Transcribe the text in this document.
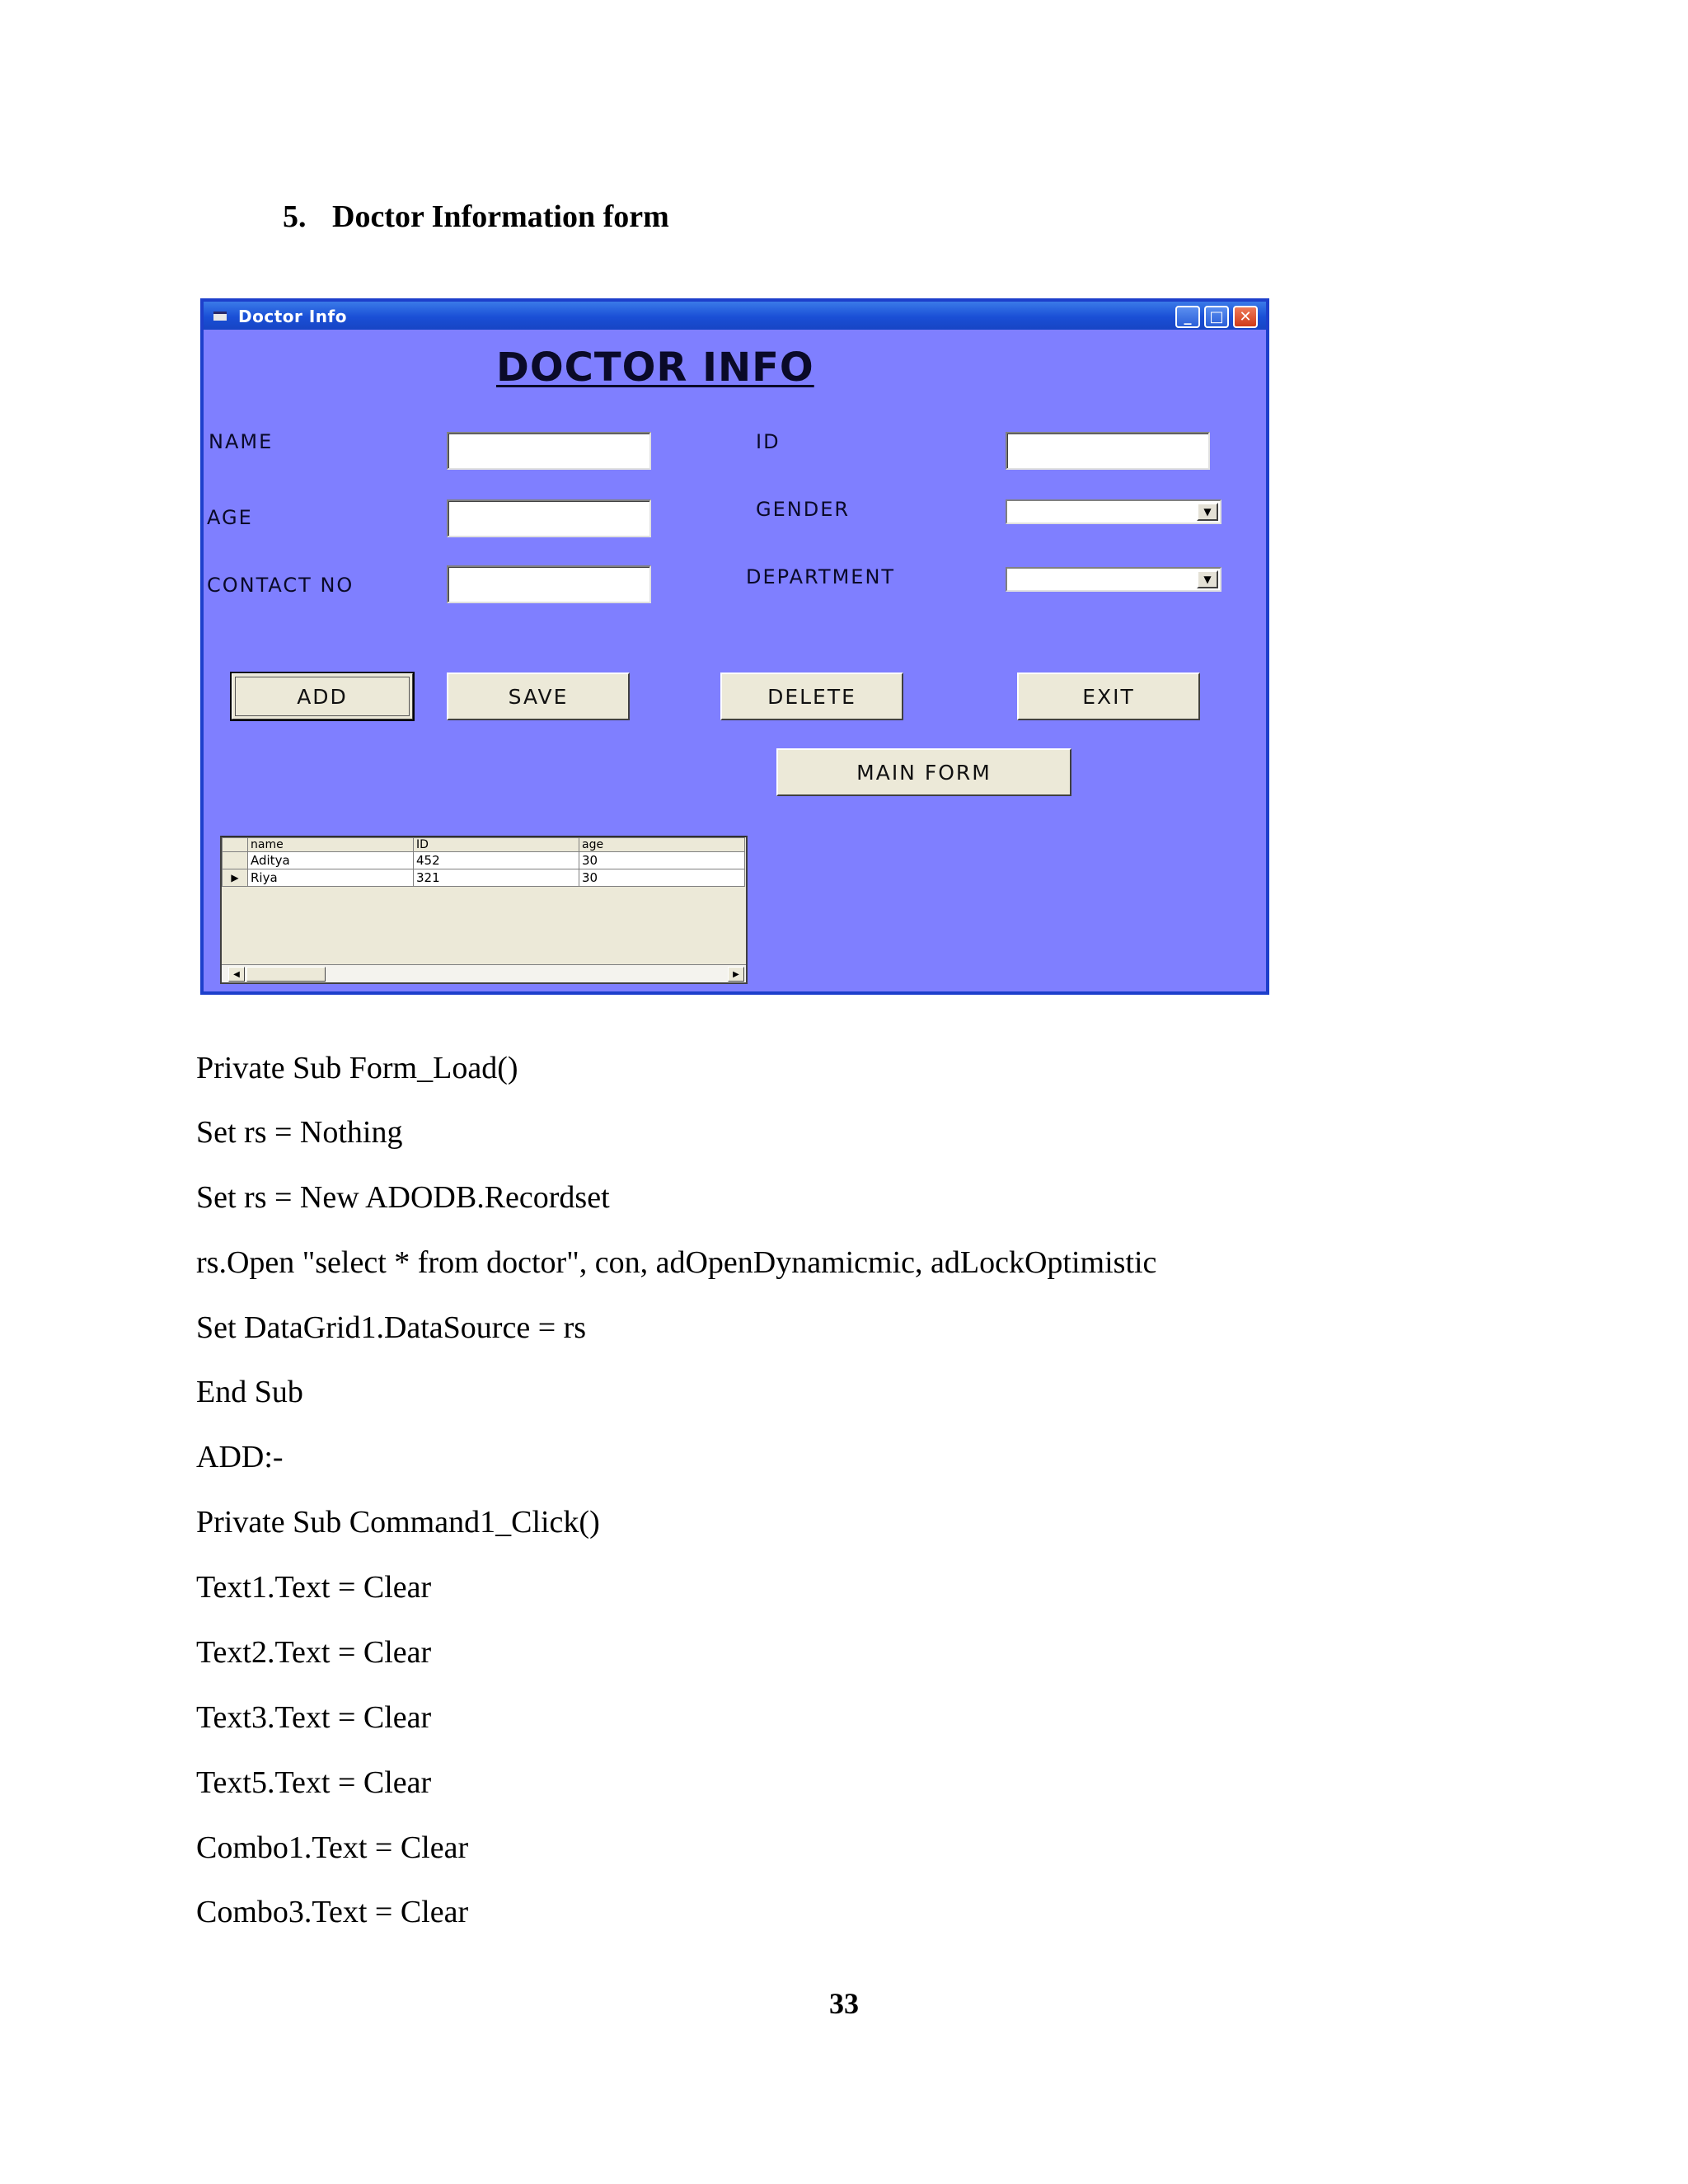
5. Doctor Information form
Doctor Info	_	□	✕
DOCTOR INFO
NAME
AGE
CONTACT NO
ID
GENDER
DEPARTMENT
▼
▼
ADD	SAVE	DELETE	EXIT
MAIN FORM
	name	ID	age
	Aditya	452	30
▶	Riya	321	30
◀	▶
Private Sub Form_Load()
Set rs = Nothing
Set rs = New ADODB.Recordset
rs.Open "select * from doctor", con, adOpenDynamicmic, adLockOptimistic
Set DataGrid1.DataSource = rs
End Sub
ADD:-
Private Sub Command1_Click()
Text1.Text = Clear
Text2.Text = Clear
Text3.Text = Clear
Text5.Text = Clear
Combo1.Text = Clear
Combo3.Text = Clear
33
